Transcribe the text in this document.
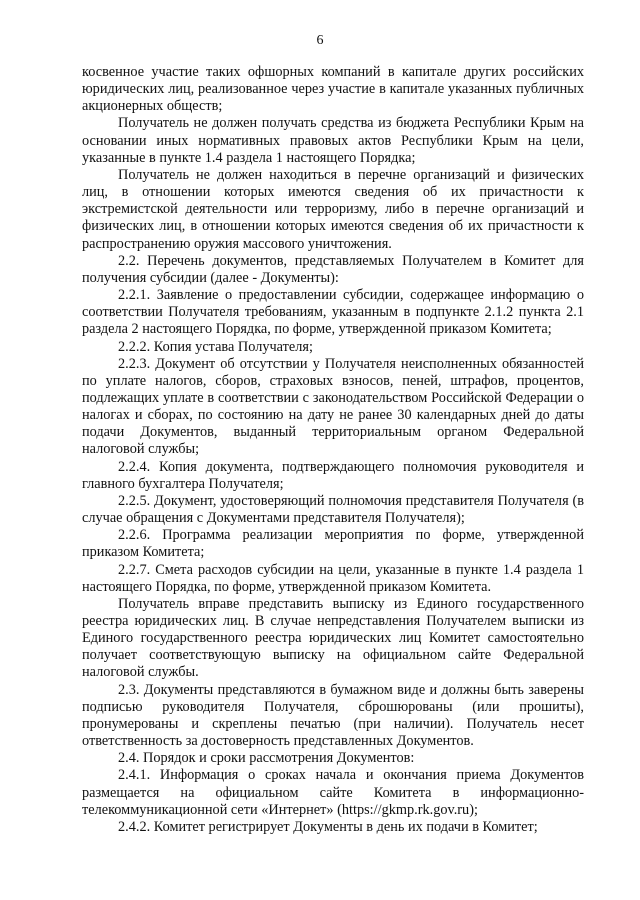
6

косвенное участие таких офшорных компаний в капитале других российских юридических лиц, реализованное через участие в капитале указанных публичных акционерных обществ;

Получатель не должен получать средства из бюджета Республики Крым на основании иных нормативных правовых актов Республики Крым на цели, указанные в пункте 1.4 раздела 1 настоящего Порядка;

Получатель не должен находиться в перечне организаций и физических лиц, в отношении которых имеются сведения об их причастности к экстремистской деятельности или терроризму, либо в перечне организаций и физических лиц, в отношении которых имеются сведения об их причастности к распространению оружия массового уничтожения.

2.2. Перечень документов, представляемых Получателем в Комитет для получения субсидии (далее - Документы):

2.2.1. Заявление о предоставлении субсидии, содержащее информацию о соответствии Получателя требованиям, указанным в подпункте 2.1.2 пункта 2.1 раздела 2 настоящего Порядка, по форме, утвержденной приказом Комитета;

2.2.2. Копия устава Получателя;

2.2.3. Документ об отсутствии у Получателя неисполненных обязанностей по уплате налогов, сборов, страховых взносов, пеней, штрафов, процентов, подлежащих уплате в соответствии с законодательством Российской Федерации о налогах и сборах, по состоянию на дату не ранее 30 календарных дней до даты подачи Документов, выданный территориальным органом Федеральной налоговой службы;

2.2.4. Копия документа, подтверждающего полномочия руководителя и главного бухгалтера Получателя;

2.2.5. Документ, удостоверяющий полномочия представителя Получателя (в случае обращения с Документами представителя Получателя);

2.2.6. Программа реализации мероприятия по форме, утвержденной приказом Комитета;

2.2.7. Смета расходов субсидии на цели, указанные в пункте 1.4 раздела 1 настоящего Порядка, по форме, утвержденной приказом Комитета.

Получатель вправе представить выписку из Единого государственного реестра юридических лиц. В случае непредставления Получателем выписки из Единого государственного реестра юридических лиц Комитет самостоятельно получает соответствующую выписку на официальном сайте Федеральной налоговой службы.

2.3. Документы представляются в бумажном виде и должны быть заверены подписью руководителя Получателя, сброшюрованы (или прошиты), пронумерованы и скреплены печатью (при наличии). Получатель несет ответственность за достоверность представленных Документов.

2.4. Порядок и сроки рассмотрения Документов:

2.4.1. Информация о сроках начала и окончания приема Документов размещается на официальном сайте Комитета в информационно-телекоммуникационной сети «Интернет» (https://gkmp.rk.gov.ru);

2.4.2. Комитет регистрирует Документы в день их подачи в Комитет;
